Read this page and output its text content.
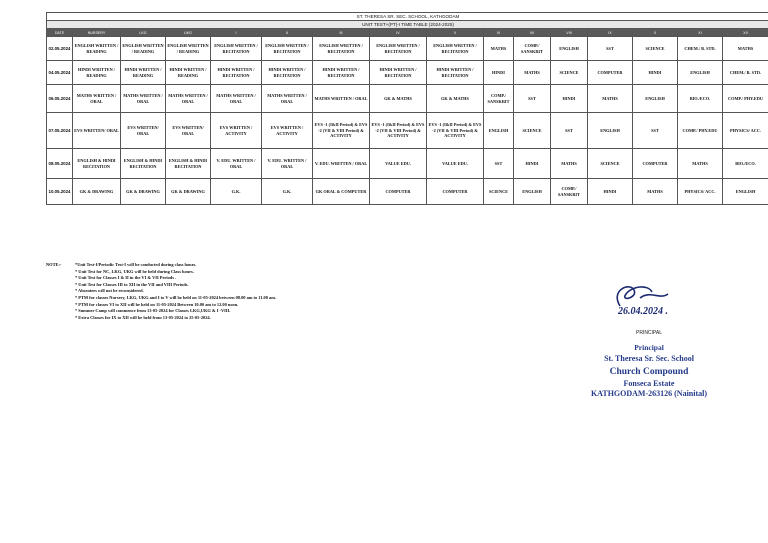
ST. THERESA SR. SEC. SCHOOL, KATHGODAM
UNIT TEST+(PT)-I TIME TABLE (2024-2025)
DATE	NURSERY	LKG	UKG	I	II	III	IV	V	VI	VII	VIII	IX	X	XI	XII
02.05.2024	ENGLISH WRITTEN / READING	ENGLISH WRITTEN / READING	ENGLISH WRITTEN / READING	ENGLISH WRITTEN / RECITATION	ENGLISH WRITTEN / RECITATION	ENGLISH WRITTEN / RECITATION	ENGLISH WRITTEN / RECITATION	ENGLISH WRITTEN / RECITATION	MATHS	COMP./ SANSKRIT	ENGLISH	SST	SCIENCE	CHEM./ B. STD.	MATHS
04.05.2024	HINDI WRITTEN / READING	HINDI WRITTEN / READING	HINDI WRITTEN / READING	HINDI WRITTEN / RECITATION	HINDI WRITTEN / RECITATION	HINDI WRITTEN / RECITATION	HINDI WRITTEN / RECITATION	HINDI WRITTEN / RECITATION	HINDI	MATHS	SCIENCE	COMPUTER	HINDI	ENGLISH	CHEM./ B. STD.
06.05.2024	MATHS WRITTEN / ORAL	MATHS WRITTEN / ORAL	MATHS WRITTEN / ORAL	MATHS WRITTEN / ORAL	MATHS WRITTEN / ORAL	MATHS WRITTEN / ORAL	GK & MATHS	GK & MATHS	COMP./ SANSKRIT	SST	HINDI	MATHS	ENGLISH	BIO./ECO.	COMP./ PHY.EDU
07.05.2024	EVS WRITTEN/ ORAL	EVS WRITTEN/ ORAL	EVS WRITTEN/ ORAL	EVS WRITTEN / ACTIVITY	EVS WRITTEN / ACTIVITY	EVS -1 (I&II Period) & EVS -2 (VII & VIII Period) & ACTIVITY	EVS -1 (I&II Period) & EVS -2 (VII & VIII Period) & ACTIVITY	EVS -1 (I&II Period) & EVS -2 (VII & VIII Period) & ACTIVITY	ENGLISH	SCIENCE	SST	ENGLISH	SST	COMP./ PHY.EDU	PHYSICS/ ACC.
08.05.2024	ENGLISH & HINDI RECITATION	ENGLISH & HINDI RECITATION	ENGLISH & HINDI RECITATION	V. EDU. WRITTEN / ORAL	V. EDU. WRITTEN / ORAL	V. EDU. WRITTEN / ORAL	VALUE EDU.	VALUE EDU.	SST	HINDI	MATHS	SCIENCE	COMPUTER	MATHS	BIO./ECO.
10.05.2024	GK & DRAWING	GK & DRAWING	GK & DRAWING	G.K.	G.K.	GK ORAL & COMPUTER	COMPUTER	COMPUTER	SCIENCE	ENGLISH	COMP./ SANSKRIT	HINDI	MATHS	PHYSICS/ ACC.	ENGLISH
NOTE:-	*Unit Test-I/Periodic Test-I will be conducted during class hours.
* Unit Test for NC, LKG, UKG will be held during Class hours.
* Unit Test for Classes I & II in the VI & VII Periods .
* Unit Test for Classes III to XII in the VII and VIII Periods.
* Absentees will not be reconsidered.
* PTM for classes Nursery, LKG, UKG and I to V will be held on 11-05-2024 between 08.00 am to 11.00 am.
* PTM for classes VI to XII will be held on 11-05-2024 Between 10.00 am to 12.00 noon.
* Summer Camp will commence from 13-05-2024 for Classes LKG,UKG & I -VIII.
* Extra Classes for IX to XII will be held from 13-05-2024 to 25-05-2024.
26.04.2024 .
PRINCIPAL
Principal
St. Theresa Sr. Sec. School
Church Compound
Fonseca Estate
KATHGODAM-263126 (Nainital)
